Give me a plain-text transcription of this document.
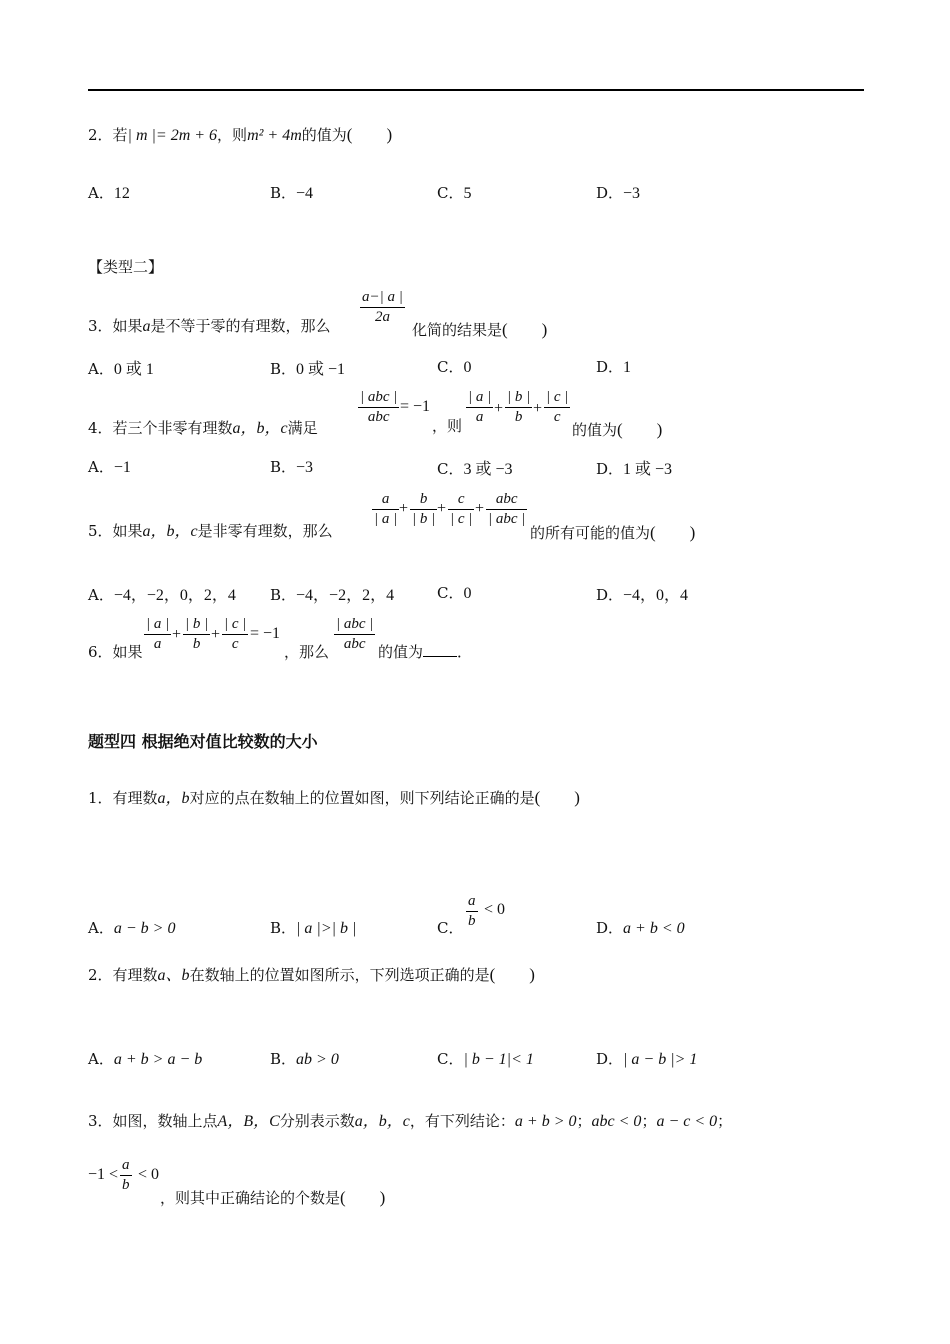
2．若| m |= 2m + 6，则m² + 4m的值为(　　)
A．12	B．−4	C．5	D．−3
【类型二】
3．如果a是不等于零的有理数，那么 $\frac{a-| a |}{2a}$
化简的结果是(　　)
A．0 或 1	B．0 或 −1	C．0	D．1
4．若三个非零有理数a，b，c满足
| abc |
abc
= −1
，则 $\frac{| a |}{a} + \frac{| b |}{b} + \frac{| c |}{c}$
的值为(　　)
A．−1	B．−3	C．3 或 −3	D．1 或 −3
5．如果a，b，c是非零有理数，那么
$\frac{a}{| a |} + \frac{b}{| b |} + \frac{c}{| c |}$ +
abc
| abc |
的所有可能的值为(　　)
A．−4，−2，0，2，4 B．−4，−2，2，4	C．0	D．−4，0，4
6．如果 $\frac{| a |}{a} + \frac{| b |}{b} + \frac{| c |}{c} = -1$
，那么
| abc |
abc 的值为 ．
题型四 根据绝对值比较数的大小
1．有理数a，b对应的点在数轴上的位置如图，则下列结论正确的是(　　)
A．a − b > 0	B．| a |>| b |	C． $\frac{a}{b} < 0$
D．a + b < 0
2．有理数a、b在数轴上的位置如图所示，下列选项正确的是(　　)
A．a + b > a − b	B．ab > 0	C．| b − 1|< 1	D．| a − b |> 1
3．如图，数轴上点A，B，C分别表示数a，b，c，有下列结论：a + b > 0；abc < 0；a − c < 0；
$-1 < \frac{a}{b} < 0$
，则其中正确结论的个数是(　　)
